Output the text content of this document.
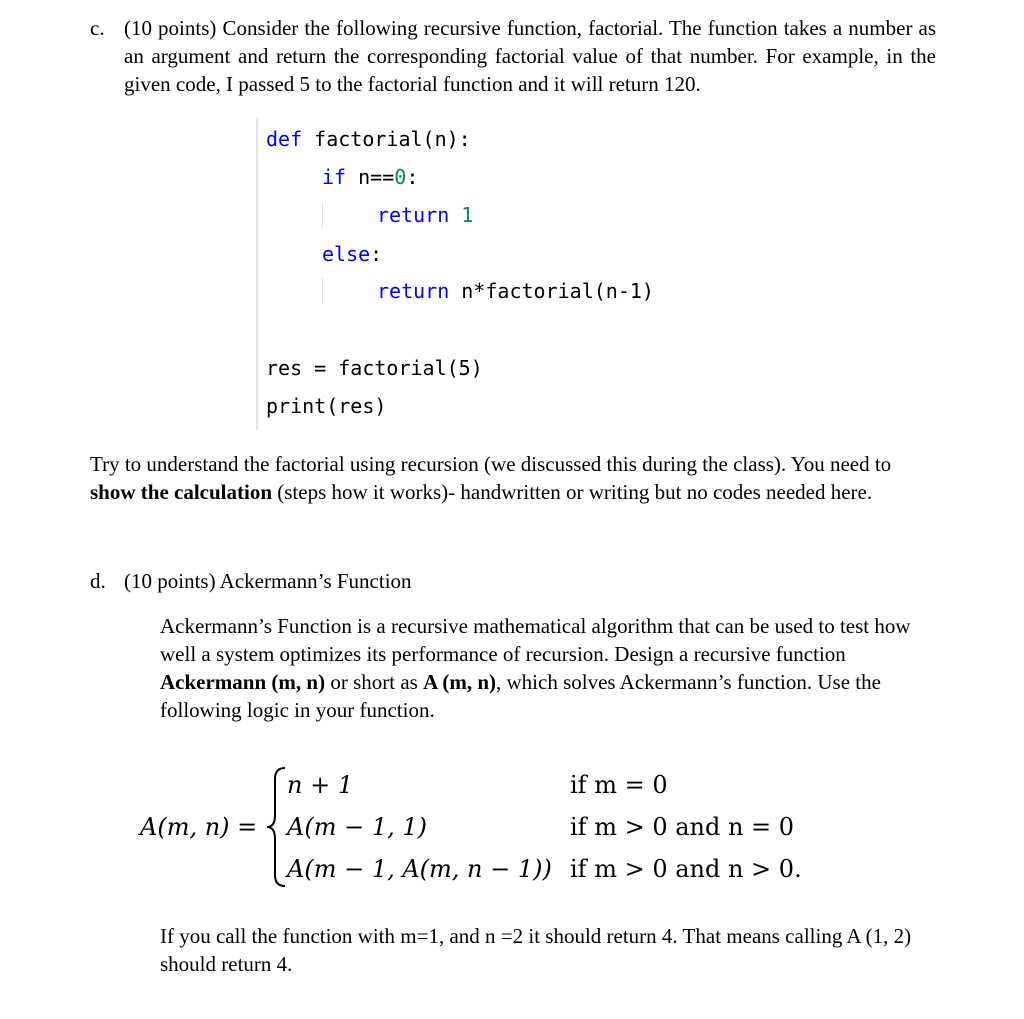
c. (10 points) Consider the following recursive function, factorial. The function takes a number as an argument and return the corresponding factorial value of that number. For example, in the given code, I passed 5 to the factorial function and it will return 120.

def factorial(n):
if n==0:
return 1
else:
return n*factorial(n-1)
res = factorial(5)
print(res)

Try to understand the factorial using recursion (we discussed this during the class). You need to show the calculation (steps how it works)- handwritten or writing but no codes needed here.

d. (10 points) Ackermann’s Function

Ackermann’s Function is a recursive mathematical algorithm that can be used to test how well a system optimizes its performance of recursion. Design a recursive function Ackermann (m, n) or short as A (m, n), which solves Ackermann’s function. Use the following logic in your function.

A(m, n) =
n + 1	if m = 0
A(m − 1, 1)	if m > 0 and n = 0
A(m − 1, A(m, n − 1)) if m > 0 and n > 0.

If you call the function with m=1, and n =2 it should return 4. That means calling A (1, 2) should return 4.
